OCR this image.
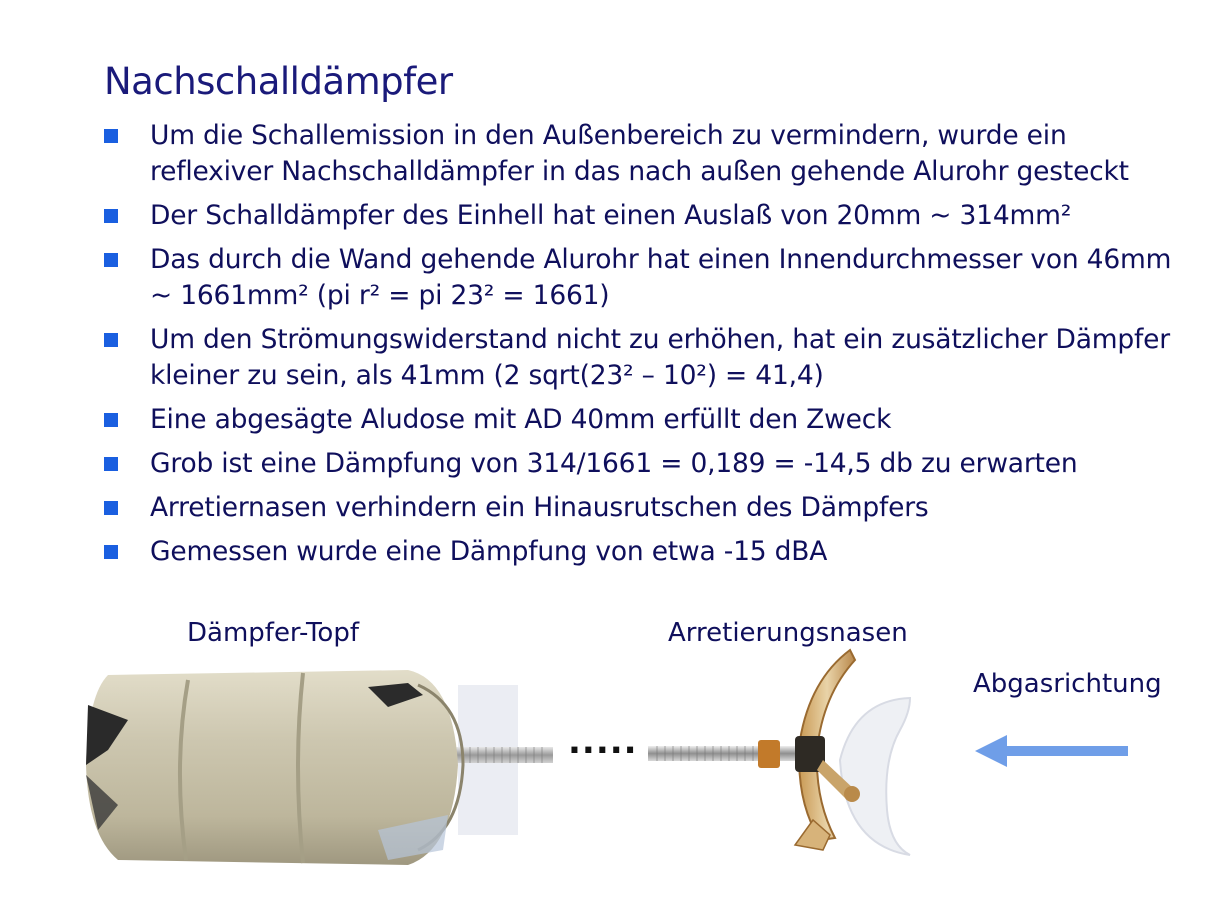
Nachschalldämpfer
Um die Schallemission in den Außenbereich zu vermindern, wurde ein reflexiver Nachschalldämpfer in das nach außen gehende Alurohr gesteckt
Der Schalldämpfer des Einhell hat einen Auslaß von 20mm ~ 314mm²
Das durch die Wand gehende Alurohr hat einen Innendurchmesser von 46mm ~ 1661mm² (pi r² = pi 23² = 1661)
Um den Strömungswiderstand nicht zu erhöhen, hat ein zusätzlicher Dämpfer kleiner zu sein, als 41mm (2 sqrt(23² – 10²) = 41,4)
Eine abgesägte Aludose mit AD 40mm erfüllt den Zweck
Grob ist eine Dämpfung von 314/1661 = 0,189 = -14,5 db zu erwarten
Arretiernasen verhindern ein Hinausrutschen des Dämpfers
Gemessen wurde eine Dämpfung von etwa -15 dBA
Dämpfer-Topf	Arretierungsnasen
Abgasrichtung
.....
